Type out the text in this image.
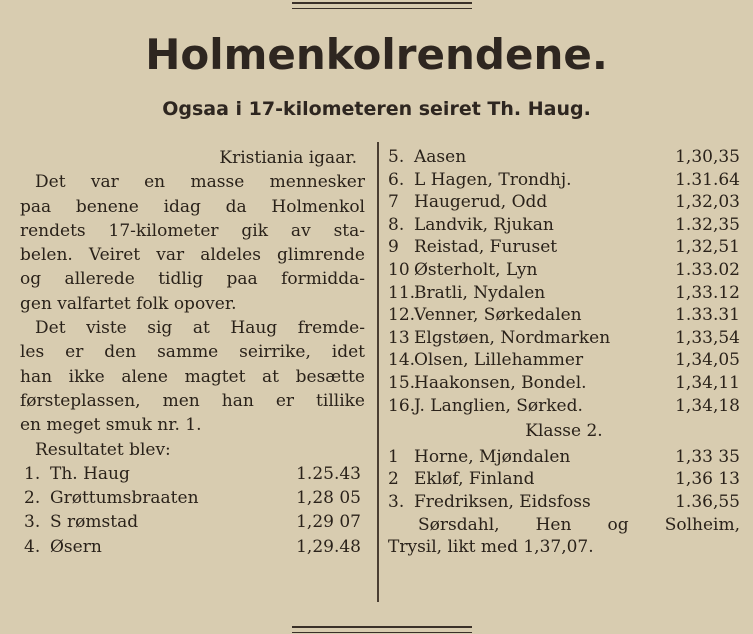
Holmenkolrendene.
Ogsaa i 17-kilometeren seiret Th. Haug.
Kristiania igaar.
Det var en masse mennesker
paa benene idag da Holmenkol
rendets 17-kilometer gik av sta-
belen. Veiret var aldeles glimrende
og allerede tidlig paa formidda-
gen valfartet folk opover.
Det viste sig at Haug fremde-
les er den samme seirrike, idet
han ikke alene magtet at besætte
førsteplassen, men han er tillike
en meget smuk nr. 1.
Resultatet blev:
1. Th. Haug	1.25.43
2. Grøttumsbraaten	1,28 05
3. S rømstad	1,29 07
4. Øsern	1,29.48
5. Aasen	1,30,35
6. L Hagen, Trondhj.	1.31.64
7 Haugerud, Odd	1,32,03
8. Landvik, Rjukan	1.32,35
9 Reistad, Furuset	1,32,51
10 Østerholt, Lyn	1.33.02
11.Bratli, Nydalen	1,33.12
12.Venner, Sørkedalen	1.33.31
13 Elgstøen, Nordmarken	1,33,54
14.Olsen, Lillehammer	1,34,05
15.Haakonsen, Bondel.	1,34,11
16.J. Langlien, Sørked.	1,34,18
Klasse 2.
1 Horne, Mjøndalen	1,33 35
2 Ekløf, Finland	1,36 13
3. Fredriksen, Eidsfoss	1.36,55
Sørsdahl, Hen og Solheim,
Trysil, likt med 1,37,07.
